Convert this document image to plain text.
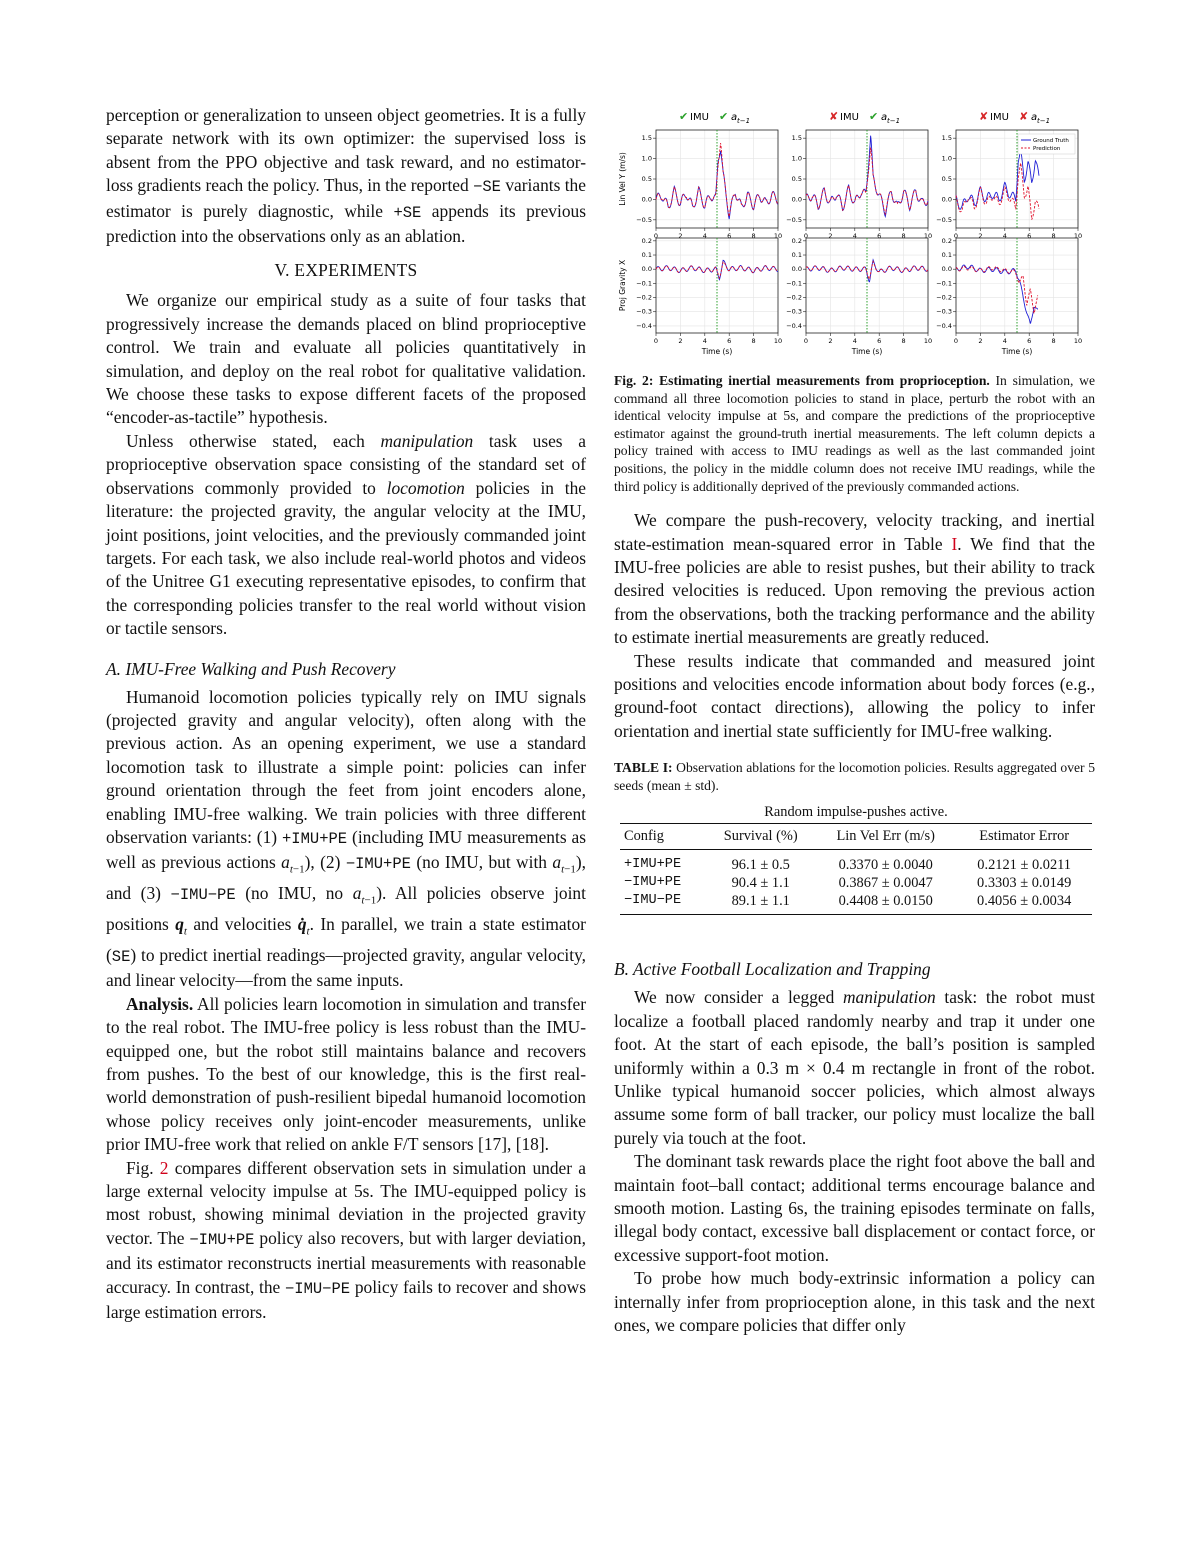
perception or generalization to unseen object geometries. It is a fully separate network with its own optimizer: the supervised loss is absent from the PPO objective and task reward, and no estimator-loss gradients reach the policy. Thus, in the reported −SE variants the estimator is purely diagnostic, while +SE appends its previous prediction into the observations only as an ablation.

V. EXPERIMENTS

We organize our empirical study as a suite of four tasks that progressively increase the demands placed on blind proprioceptive control. We train and evaluate all policies quantitatively in simulation, and deploy on the real robot for qualitative validation. We choose these tasks to expose different facets of the proposed “encoder-as-tactile” hypothesis.

Unless otherwise stated, each manipulation task uses a proprioceptive observation space consisting of the standard set of observations commonly provided to locomotion policies in the literature: the projected gravity, the angular velocity at the IMU, joint positions, joint velocities, and the previously commanded joint targets. For each task, we also include real-world photos and videos of the Unitree G1 executing representative episodes, to confirm that the corresponding policies transfer to the real world without vision or tactile sensors.

A. IMU-Free Walking and Push Recovery

Humanoid locomotion policies typically rely on IMU signals (projected gravity and angular velocity), often along with the previous action. As an opening experiment, we use a standard locomotion task to illustrate a simple point: policies can infer ground orientation through the feet from joint encoders alone, enabling IMU-free walking. We train policies with three different observation variants: (1) +IMU+PE (including IMU measurements as well as previous actions $a_{t-1}$), (2) −IMU+PE (no IMU, but with $a_{t-1}$), and (3) −IMU−PE (no IMU, no $a_{t-1}$). All policies observe joint positions $q_t$ and velocities $q̇_t$. In parallel, we train a state estimator (SE) to predict inertial readings—projected gravity, angular velocity, and linear velocity—from the same inputs.

Analysis. All policies learn locomotion in simulation and transfer to the real robot. The IMU-free policy is less robust than the IMU-equipped one, but the robot still maintains balance and recovers from pushes. To the best of our knowledge, this is the first real-world demonstration of push-resilient bipedal humanoid locomotion whose policy receives only joint-encoder measurements, unlike prior IMU-free work that relied on ankle F/T sensors [17], [18].

Fig. 2 compares different observation sets in simulation under a large external velocity impulse at 5s. The IMU-equipped policy is most robust, showing minimal deviation in the projected gravity vector. The −IMU+PE policy also recovers, but with larger deviation, and its estimator reconstructs inertial measurements with reasonable accuracy. In contrast, the −IMU−PE policy fails to recover and shows large estimation errors.

✔ IMU ✔ a t−1	✘ IMU ✔ a t−1	✘ IMU ✘ a t−1
0	2	4	6	8	10
−0.5
0.0
0.5
1.0
1.5
0	2	4	6	8	10
−0.5
0.0
0.5
1.0
1.5
0	2	4	6	8	10
−0.5
0.0
0.5
1.0
1.5	Ground Truth
Prediction
Lin Vel Y (m/s)
0	2	4	6	8	10
−0.4
−0.3
−0.2
−0.1
0.0
0.1
0.2
Time (s)
0	2	4	6	8	10
−0.4
−0.3
−0.2
−0.1
0.0
0.1
0.2
Time (s)
0	2	4	6	8	10
−0.4
−0.3
−0.2
−0.1
0.0
0.1
0.2
Time (s)
Proj Gravity X

Fig. 2: Estimating inertial measurements from proprioception. In simulation, we command all three locomotion policies to stand in place, perturb the robot with an identical velocity impulse at 5s, and compare the predictions of the proprioceptive estimator against the ground-truth inertial measurements. The left column depicts a policy trained with access to IMU readings as well as the last commanded joint positions, the policy in the middle column does not receive IMU readings, while the third policy is additionally deprived of the previously commanded actions.

We compare the push-recovery, velocity tracking, and inertial state-estimation mean-squared error in Table I. We find that the IMU-free policies are able to resist pushes, but their ability to track desired velocities is reduced. Upon removing the previous action from the observations, both the tracking performance and the ability to estimate inertial measurements are greatly reduced.

These results indicate that commanded and measured joint positions and velocities encode information about body forces (e.g., ground-foot contact directions), allowing the policy to infer orientation and inertial state sufficiently for IMU-free walking.

TABLE I: Observation ablations for the locomotion policies. Results aggregated over 5 seeds (mean ± std).

Random impulse-pushes active.
Config	Survival (%)	Lin Vel Err (m/s)	Estimator Error
+IMU+PE	96.1 ± 0.5	0.3370 ± 0.0040	0.2121 ± 0.0211
−IMU+PE	90.4 ± 1.1	0.3867 ± 0.0047	0.3303 ± 0.0149
−IMU−PE	89.1 ± 1.1	0.4408 ± 0.0150	0.4056 ± 0.0034
B. Active Football Localization and Trapping

We now consider a legged manipulation task: the robot must localize a football placed randomly nearby and trap it under one foot. At the start of each episode, the ball’s position is sampled uniformly within a 0.3 m × 0.4 m rectangle in front of the robot. Unlike typical humanoid soccer policies, which almost always assume some form of ball tracker, our policy must localize the ball purely via touch at the foot.

The dominant task rewards place the right foot above the ball and maintain foot–ball contact; additional terms encourage balance and smooth motion. Lasting 6s, the training episodes terminate on falls, illegal body contact, excessive ball displacement or contact force, or excessive support-foot motion.

To probe how much body-extrinsic information a policy can internally infer from proprioception alone, in this task and the next ones, we compare policies that differ only
